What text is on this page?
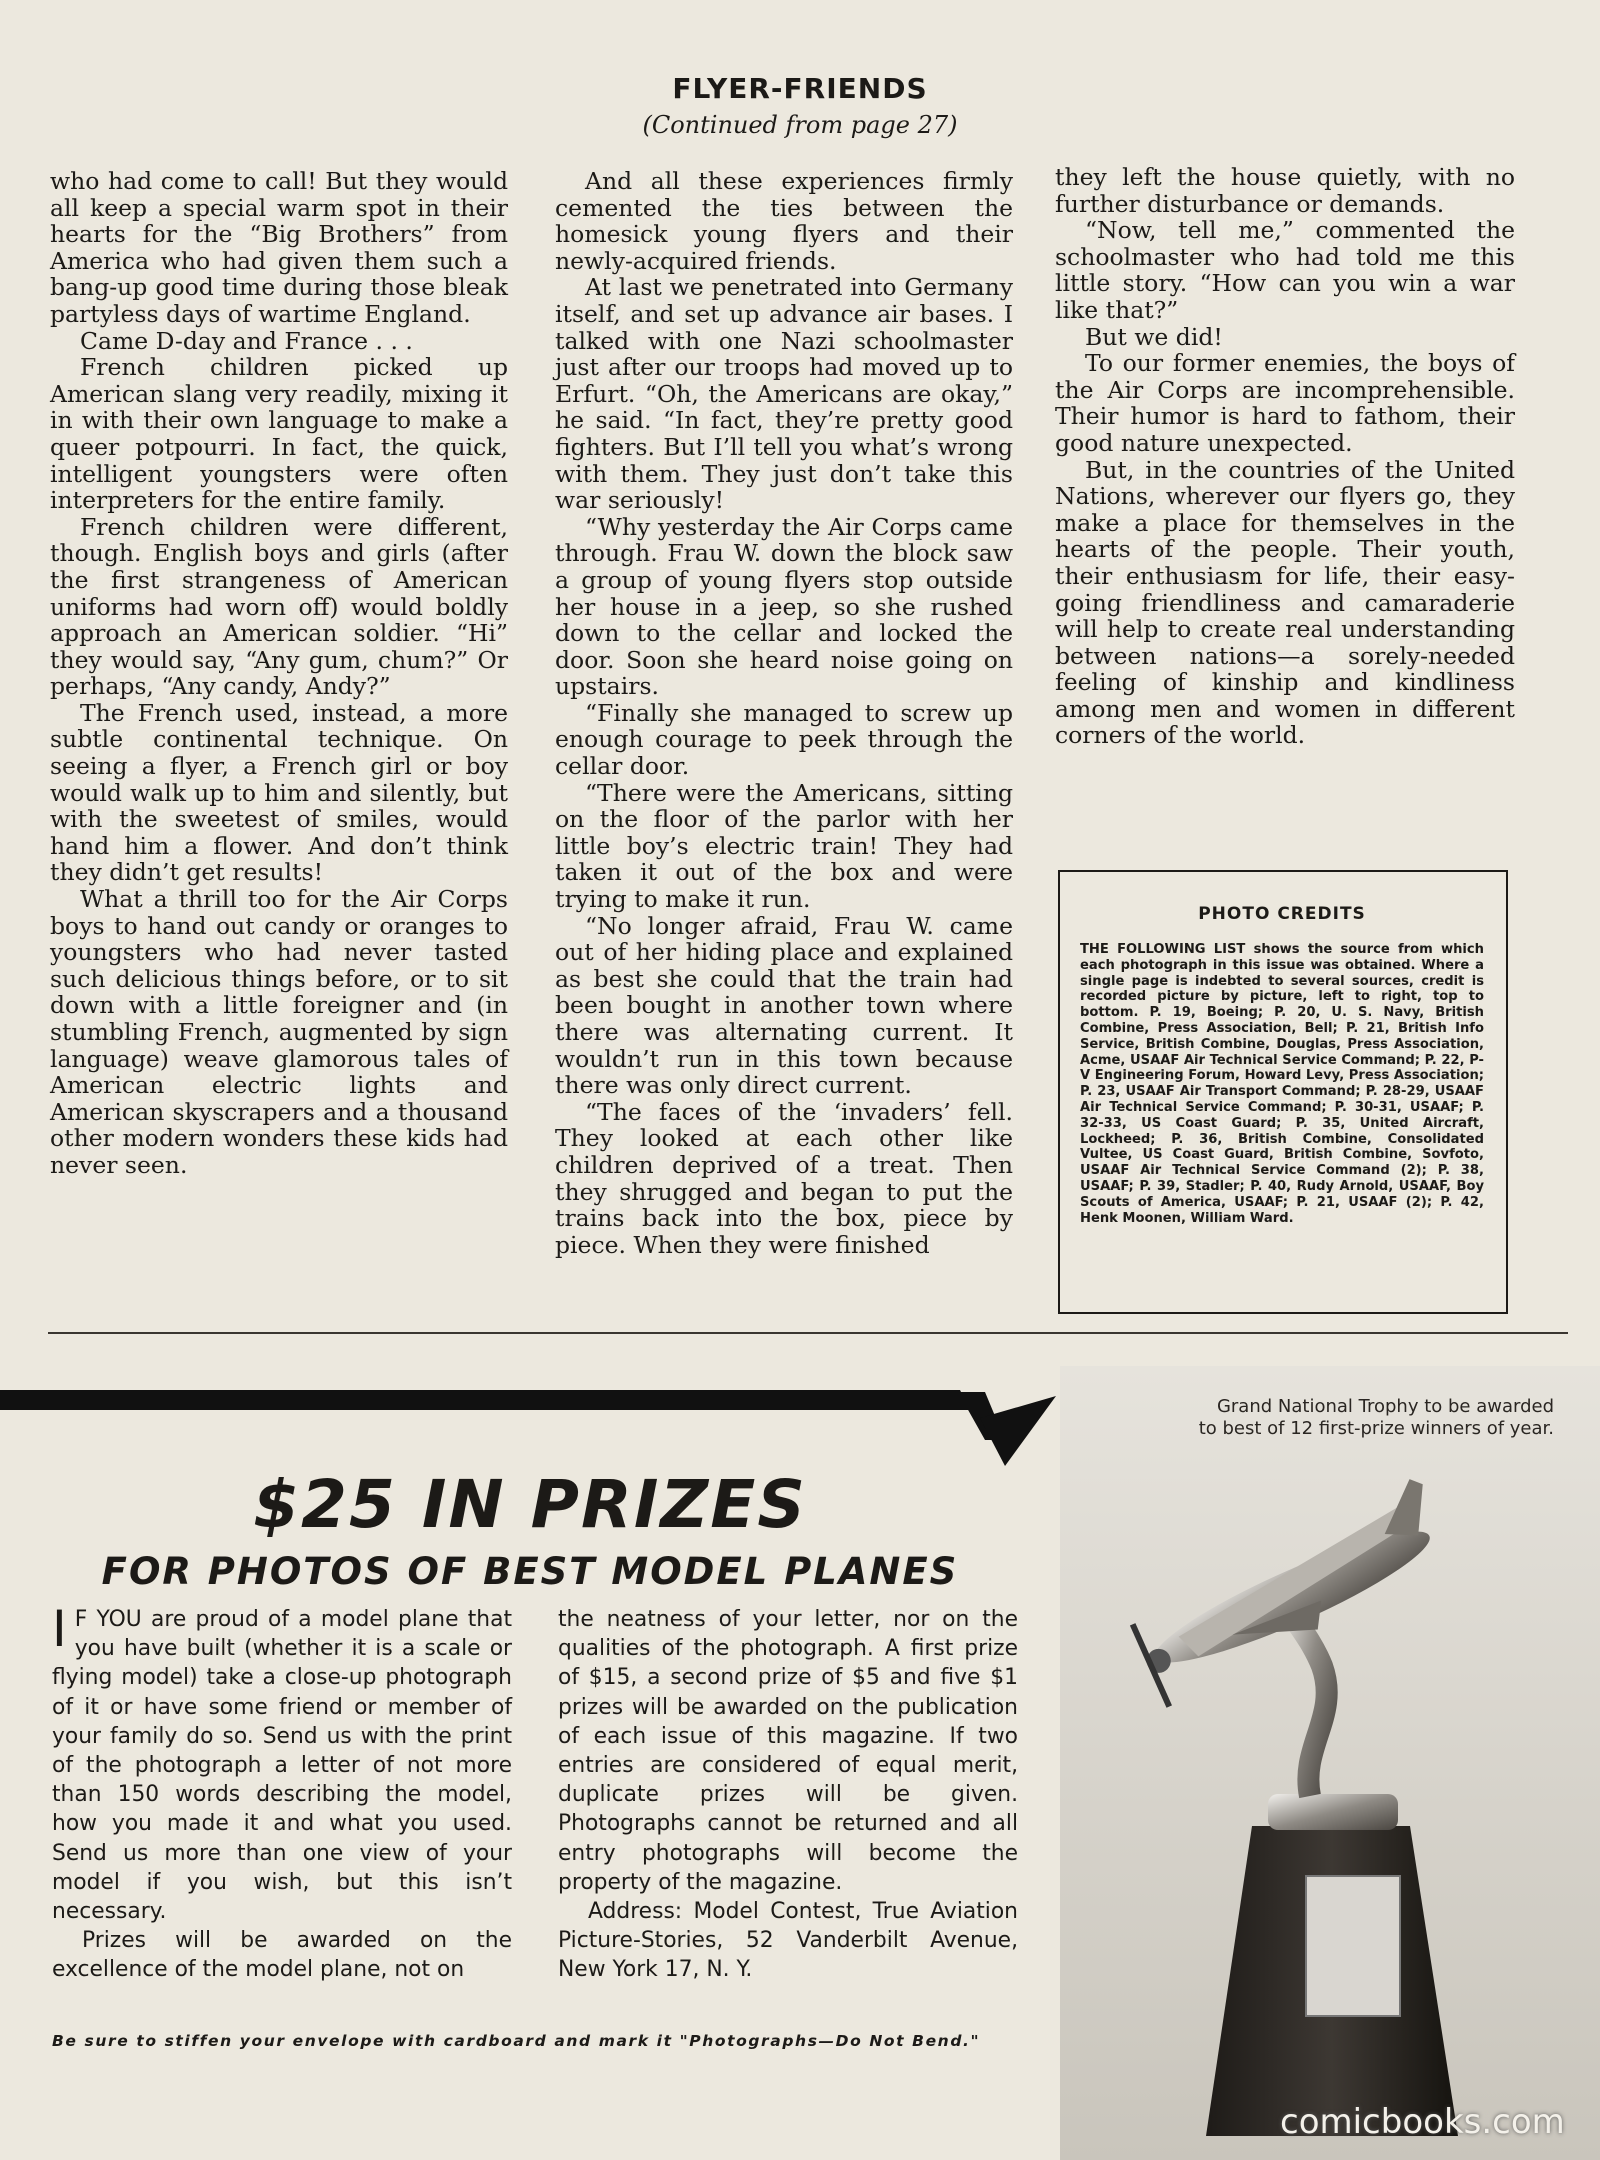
FLYER-FRIENDS
(Continued from page 27)

who had come to call! But they would all keep a special warm spot in their hearts for the “Big Brothers” from America who had given them such a bang-up good time during those bleak partyless days of wartime England.

Came D-day and France . . .

French children picked up American slang very readily, mixing it in with their own language to make a queer potpourri. In fact, the quick, intelligent youngsters were often interpreters for the entire family.

French children were different, though. English boys and girls (after the first strangeness of American uniforms had worn off) would boldly approach an American soldier. “Hi” they would say, “Any gum, chum?” Or perhaps, “Any candy, Andy?”

The French used, instead, a more subtle continental technique. On seeing a flyer, a French girl or boy would walk up to him and silently, but with the sweetest of smiles, would hand him a flower. And don’t think they didn’t get results!

What a thrill too for the Air Corps boys to hand out candy or oranges to youngsters who had never tasted such delicious things before, or to sit down with a little foreigner and (in stumbling French, augmented by sign language) weave glamorous tales of American electric lights and American skyscrapers and a thousand other modern wonders these kids had never seen.

And all these experiences firmly cemented the ties between the homesick young flyers and their newly-acquired friends.

At last we penetrated into Germany itself, and set up advance air bases. I talked with one Nazi schoolmaster just after our troops had moved up to Erfurt. “Oh, the Americans are okay,” he said. “In fact, they’re pretty good fighters. But I’ll tell you what’s wrong with them. They just don’t take this war seriously!

“Why yesterday the Air Corps came through. Frau W. down the block saw a group of young flyers stop outside her house in a jeep, so she rushed down to the cellar and locked the door. Soon she heard noise going on upstairs.

“Finally she managed to screw up enough courage to peek through the cellar door.

“There were the Americans, sitting on the floor of the parlor with her little boy’s electric train! They had taken it out of the box and were trying to make it run.

“No longer afraid, Frau W. came out of her hiding place and explained as best she could that the train had been bought in another town where there was alternating current. It wouldn’t run in this town because there was only direct current.

“The faces of the ‘invaders’ fell. They looked at each other like children deprived of a treat. Then they shrugged and began to put the trains back into the box, piece by piece. When they were finished

they left the house quietly, with no further disturbance or demands.

“Now, tell me,” commented the schoolmaster who had told me this little story. “How can you win a war like that?”

But we did!

To our former enemies, the boys of the Air Corps are incomprehensible. Their humor is hard to fathom, their good nature unexpected.

But, in the countries of the United Nations, wherever our flyers go, they make a place for themselves in the hearts of the people. Their youth, their enthusiasm for life, their easy-going friendliness and camaraderie will help to create real understanding between nations—a sorely-needed feeling of kinship and kindliness among men and women in different corners of the world.

PHOTO CREDITS
THE FOLLOWING LIST shows the source from which each photograph in this issue was obtained. Where a single page is indebted to several sources, credit is recorded picture by picture, left to right, top to bottom. P. 19, Boeing; P. 20, U. S. Navy, British Combine, Press Association, Bell; P. 21, British Info Service, British Combine, Douglas, Press Association, Acme, USAAF Air Technical Service Command; P. 22, P-V Engineering Forum, Howard Levy, Press Association; P. 23, USAAF Air Transport Command; P. 28-29, USAAF Air Technical Service Command; P. 30-31, USAAF; P. 32-33, US Coast Guard; P. 35, United Aircraft, Lockheed; P. 36, British Combine, Consolidated Vultee, US Coast Guard, British Combine, Sovfoto, USAAF Air Technical Service Command (2); P. 38, USAAF; P. 39, Stadler; P. 40, Rudy Arnold, USAAF, Boy Scouts of America, USAAF; P. 21, USAAF (2); P. 42, Henk Moonen, William Ward.
Grand National Trophy to be awarded
to best of 12 first-prize winners of year.
$25 IN PRIZES
FOR PHOTOS OF BEST MODEL PLANES

I F YOU are proud of a model plane that you have built (whether it is a scale or flying model) take a close-up photograph of it or have some friend or member of your family do so. Send us with the print of the photograph a letter of not more than 150 words describing the model, how you made it and what you used. Send us more than one view of your model if you wish, but this isn’t necessary.

Prizes will be awarded on the excellence of the model plane, not on

the neatness of your letter, nor on the qualities of the photograph. A first prize of $15, a second prize of $5 and five $1 prizes will be awarded on the publication of each issue of this magazine. If two entries are considered of equal merit, duplicate prizes will be given. Photographs cannot be returned and all entry photographs will become the property of the magazine.

Address: Model Contest, True Aviation Picture-Stories, 52 Vanderbilt Avenue, New York 17, N. Y.

Be sure to stiffen your envelope with cardboard and mark it "Photographs—Do Not Bend."
comicbooks.com
